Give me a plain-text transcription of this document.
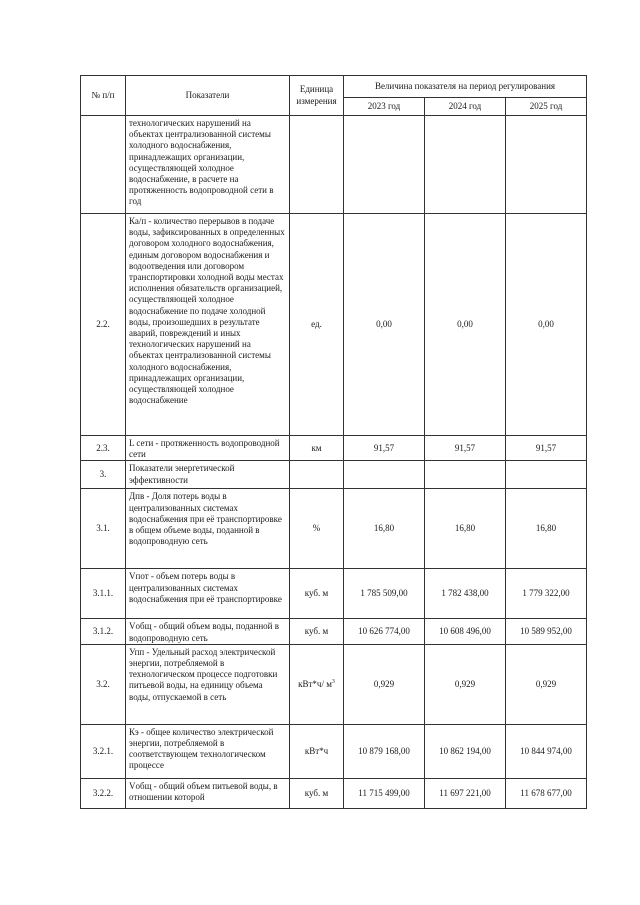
№ п/п	Показатели	Единица измерения	Величина показателя на период регулирования		
			2023 год	2024 год	2025 год
	технологических нарушений на объектах централизованной системы холодного водоснабжения, принадлежащих организации, осуществляющей холодное водоснабжение, в расчете на протяженность водопроводной сети в год				
2.2.	Ка/п - количество перерывов в подаче воды, зафиксированных в определенных договором холодного водоснабжения, единым договором водоснабжения и водоотведения или договором транспортировки холодной воды местах исполнения обязательств организацией, осуществляющей холодное водоснабжение по подаче холодной воды, произошедших в результате аварий, повреждений и иных технологических нарушений на объектах централизованной системы холодного водоснабжения, принадлежащих организации, осуществляющей холодное водоснабжение	ед.	0,00	0,00	0,00
2.3.	L сети - протяженность водопроводной сети	км	91,57	91,57	91,57
3.	Показатели энергетической эффективности				
3.1.	Дпв - Доля потерь воды в централизованных системах водоснабжения при её транспортировке в общем объеме воды, поданной в водопроводную сеть	%	16,80	16,80	16,80
3.1.1.	Vпот - объем потерь воды в централизованных системах водоснабжения при её транспортировке	куб. м	1 785 509,00	1 782 438,00	1 779 322,00
3.1.2.	Vобщ - общий объем воды, поданной в водопроводную сеть	куб. м	10 626 774,00	10 608 496,00	10 589 952,00
3.2.	Упп - Удельный расход электрической энергии, потребляемой в технологическом процессе подготовки питьевой воды, на единицу объема воды, отпускаемой в сеть	кВт*ч/ $м^3$	0,929	0,929	0,929
3.2.1.	Кэ - общее количество электрической энергии, потребляемой в соответствующем технологическом процессе	кВт*ч	10 879 168,00	10 862 194,00	10 844 974,00
3.2.2.	Vобщ - общий объем питьевой воды, в отношении которой	куб. м	11 715 499,00	11 697 221,00	11 678 677,00
